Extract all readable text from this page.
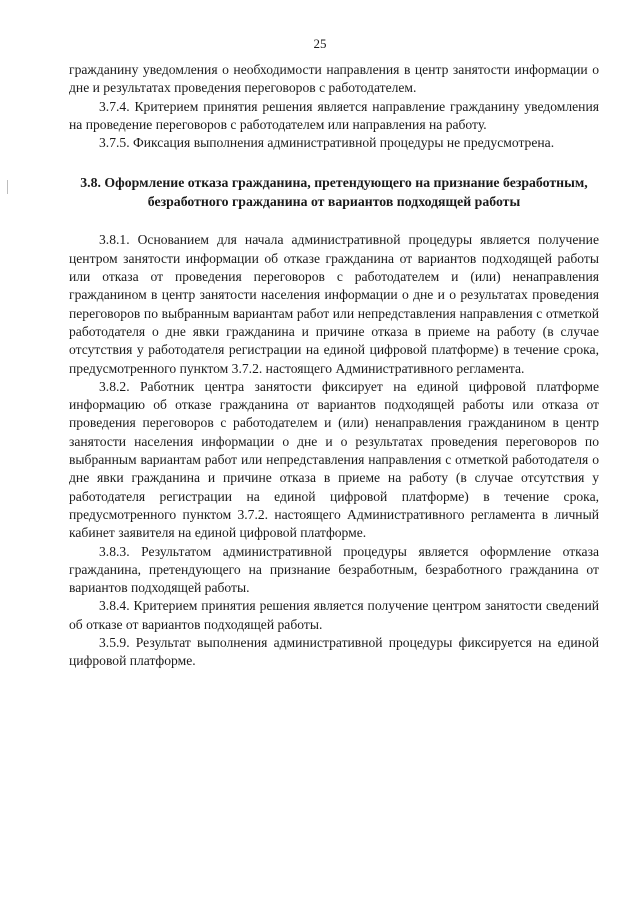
25

гражданину уведомления о необходимости направления в центр занятости информации о дне и результатах проведения переговоров с работодателем.

3.7.4. Критерием принятия решения является направление гражданину уведомления на проведение переговоров с работодателем или направления на работу.

3.7.5. Фиксация выполнения административной процедуры не предусмотрена.

3.8. Оформление отказа гражданина, претендующего на признание безработным, безработного гражданина от вариантов подходящей работы

3.8.1. Основанием для начала административной процедуры является получение центром занятости информации об отказе гражданина от вариантов подходящей работы или отказа от проведения переговоров с работодателем и (или) ненаправления гражданином в центр занятости населения информации о дне и о результатах проведения переговоров по выбранным вариантам работ или непредставления направления с отметкой работодателя о дне явки гражданина и причине отказа в приеме на работу (в случае отсутствия у работодателя регистрации на единой цифровой платформе) в течение срока, предусмотренного пунктом 3.7.2. настоящего Административного регламента.

3.8.2. Работник центра занятости фиксирует на единой цифровой платформе информацию об отказе гражданина от вариантов подходящей работы или отказа от проведения переговоров с работодателем и (или) ненаправления гражданином в центр занятости населения информации о дне и о результатах проведения переговоров по выбранным вариантам работ или непредставления направления с отметкой работодателя о дне явки гражданина и причине отказа в приеме на работу (в случае отсутствия у работодателя регистрации на единой цифровой платформе) в течение срока, предусмотренного пунктом 3.7.2. настоящего Административного регламента в личный кабинет заявителя на единой цифровой платформе.

3.8.3. Результатом административной процедуры является оформление отказа гражданина, претендующего на признание безработным, безработного гражданина от вариантов подходящей работы.

3.8.4. Критерием принятия решения является получение центром занятости сведений об отказе от вариантов подходящей работы.

3.5.9. Результат выполнения административной процедуры фиксируется на единой цифровой платформе.
